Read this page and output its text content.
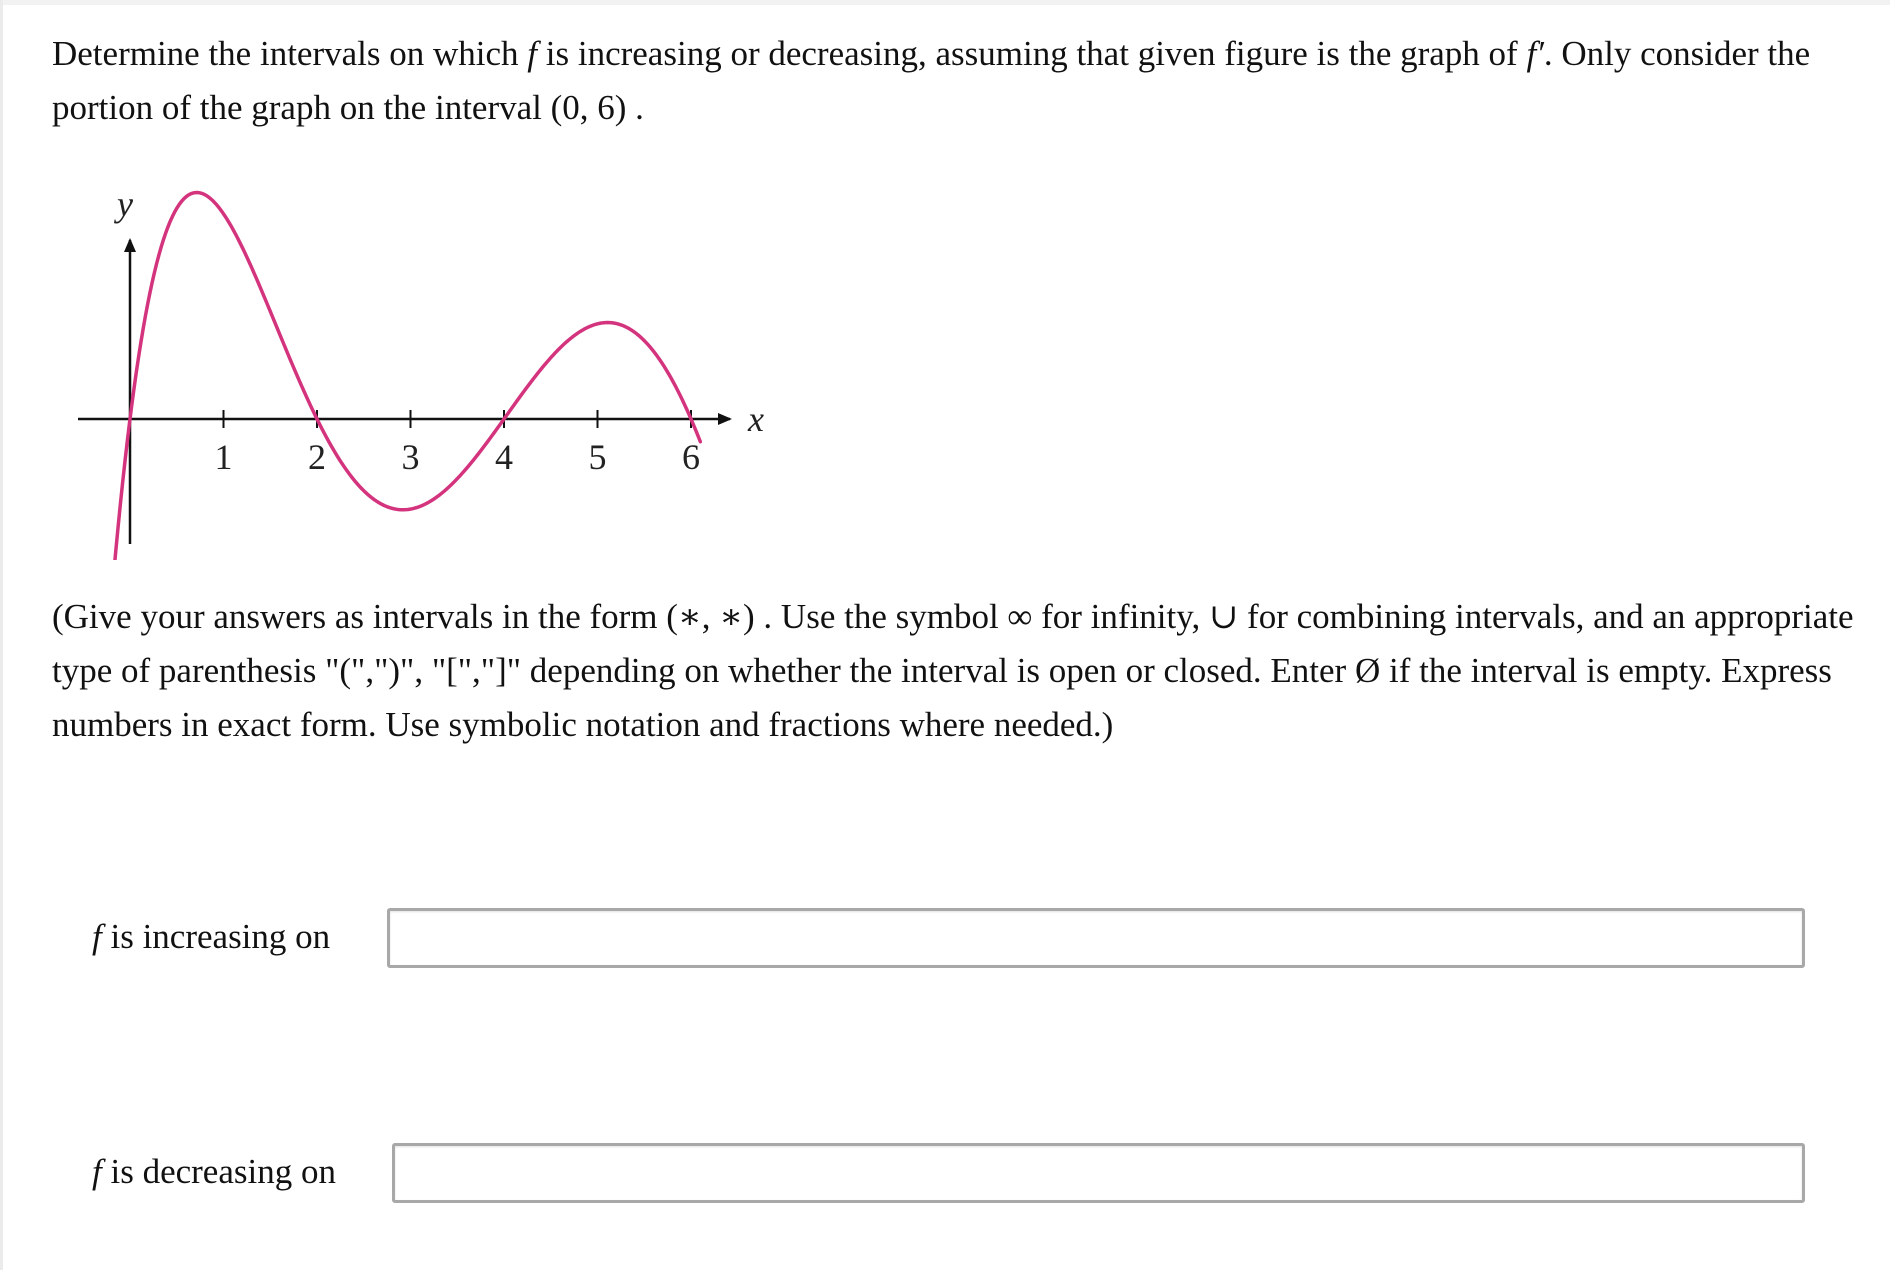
Determine the intervals on which f is increasing or decreasing, assuming that given figure is the graph of f′. Only consider the
portion of the graph on the interval (0, 6) .
y
x
1 2 3 4 5 6
(Give your answers as intervals in the form (∗, ∗) . Use the symbol ∞ for infinity, ∪ for combining intervals, and an appropriate
type of parenthesis "(",")", "[","]" depending on whether the interval is open or closed. Enter Ø if the interval is empty. Express
numbers in exact form. Use symbolic notation and fractions where needed.)
f is increasing on
f is decreasing on
